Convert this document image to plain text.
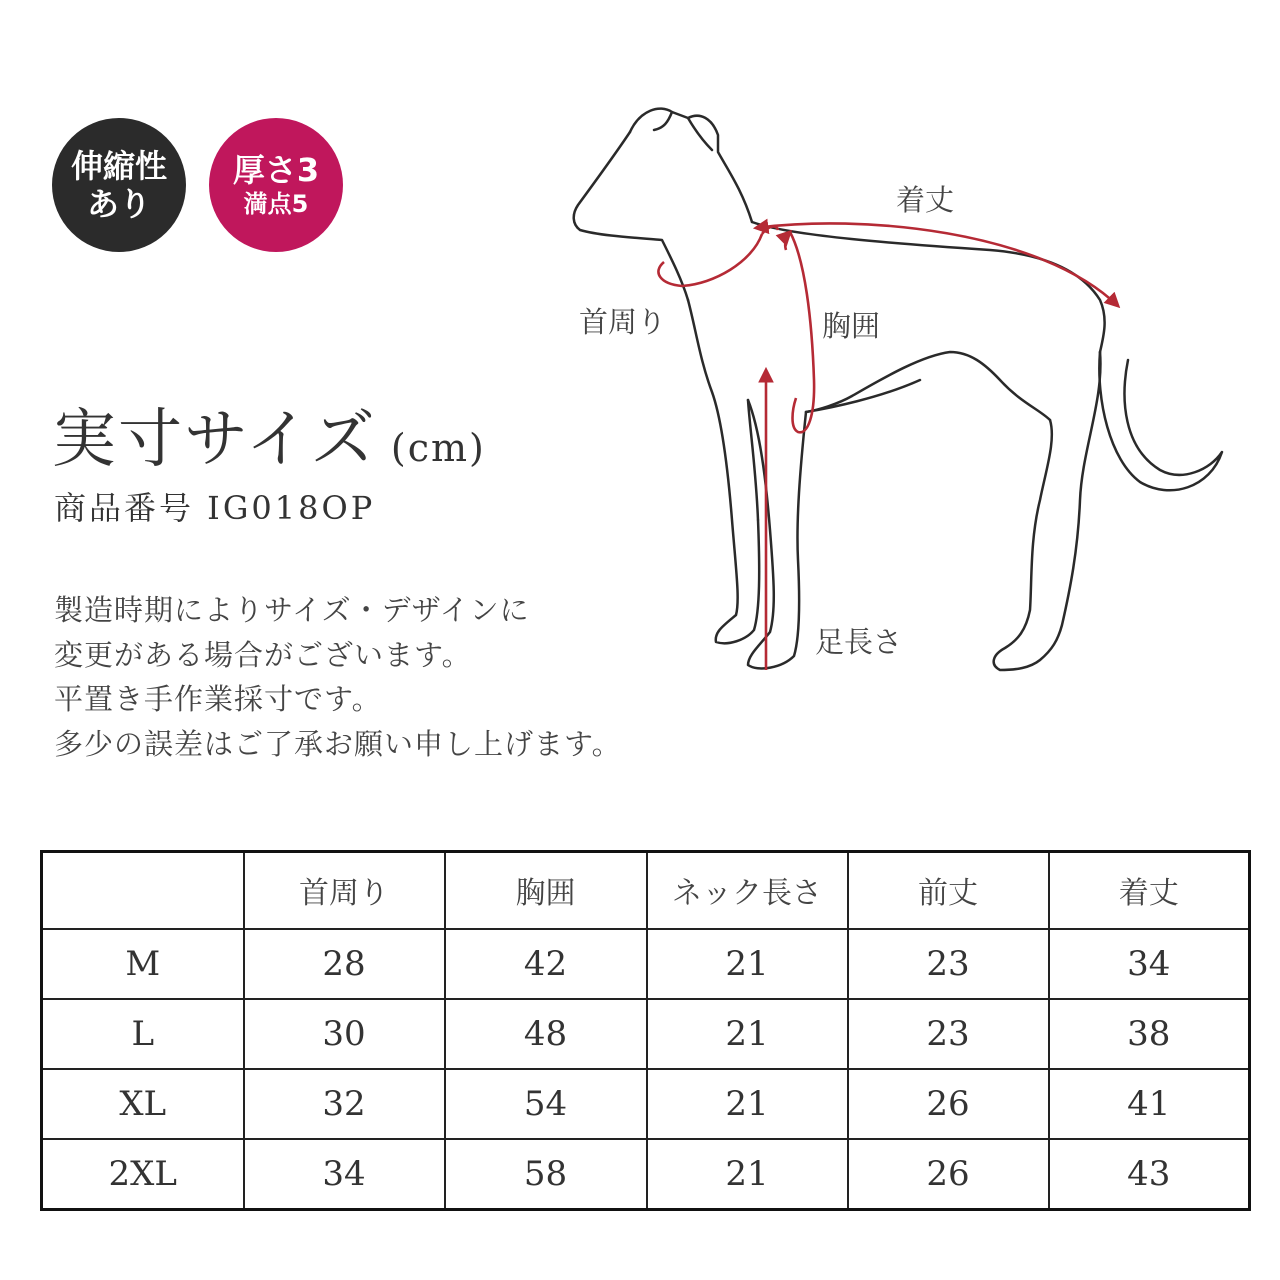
伸縮性
あり
厚さ3
満点5
実寸サイズ (cm)
商品番号 IG018OP
製造時期によりサイズ・デザインに
変更がある場合がございます。
平置き手作業採寸です。
多少の誤差はご了承お願い申し上げます。
着丈
首周り	胸囲
足長さ
	首周り	胸囲	ネック長さ	前丈	着丈
M	28	42	21	23	34
L	30	48	21	23	38
XL	32	54	21	26	41
2XL	34	58	21	26	43
